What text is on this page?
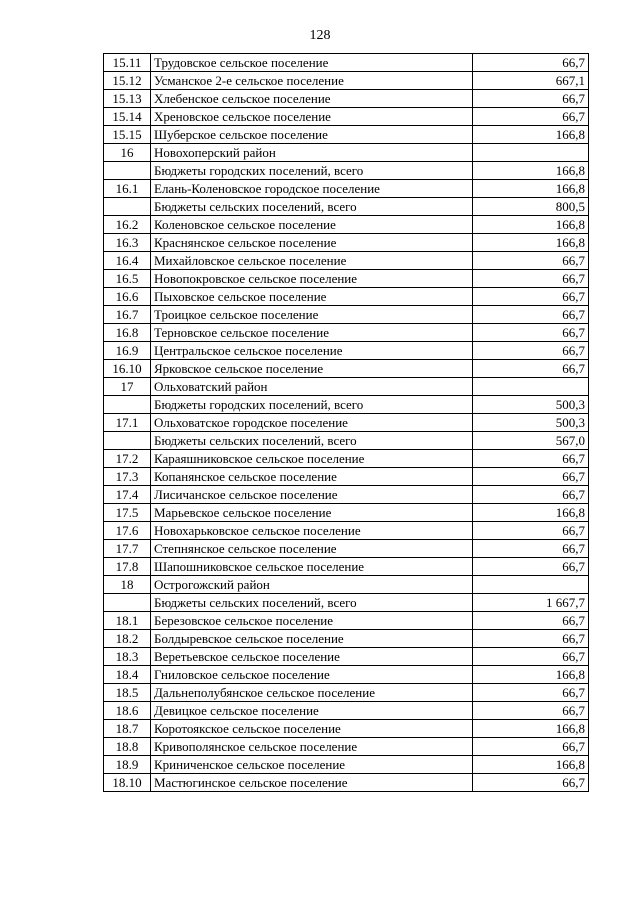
128
15.11	Трудовское сельское поселение	66,7
15.12	Усманское 2-е сельское поселение	667,1
15.13	Хлебенское сельское поселение	66,7
15.14	Хреновское сельское поселение	66,7
15.15	Шуберское сельское поселение	166,8
16	Новохоперский район	
	Бюджеты городских поселений, всего	166,8
16.1	Елань-Коленовское городское поселение	166,8
	Бюджеты сельских поселений, всего	800,5
16.2	Коленовское сельское поселение	166,8
16.3	Краснянское сельское поселение	166,8
16.4	Михайловское сельское поселение	66,7
16.5	Новопокровское сельское поселение	66,7
16.6	Пыховское сельское поселение	66,7
16.7	Троицкое сельское поселение	66,7
16.8	Терновское сельское поселение	66,7
16.9	Центральское сельское поселение	66,7
16.10	Ярковское сельское поселение	66,7
17	Ольховатский район	
	Бюджеты городских поселений, всего	500,3
17.1	Ольховатское городское поселение	500,3
	Бюджеты сельских поселений, всего	567,0
17.2	Караяшниковское сельское поселение	66,7
17.3	Копанянское сельское поселение	66,7
17.4	Лисичанское сельское поселение	66,7
17.5	Марьевское сельское поселение	166,8
17.6	Новохарьковское сельское поселение	66,7
17.7	Степнянское сельское поселение	66,7
17.8	Шапошниковское сельское поселение	66,7
18	Острогожский район	
	Бюджеты сельских поселений, всего	1 667,7
18.1	Березовское сельское поселение	66,7
18.2	Болдыревское сельское поселение	66,7
18.3	Веретьевское сельское поселение	66,7
18.4	Гниловское сельское поселение	166,8
18.5	Дальнеполубянское сельское поселение	66,7
18.6	Девицкое сельское поселение	66,7
18.7	Коротоякское сельское поселение	166,8
18.8	Кривополянское сельское поселение	66,7
18.9	Криниченское сельское поселение	166,8
18.10	Мастюгинское сельское поселение	66,7
